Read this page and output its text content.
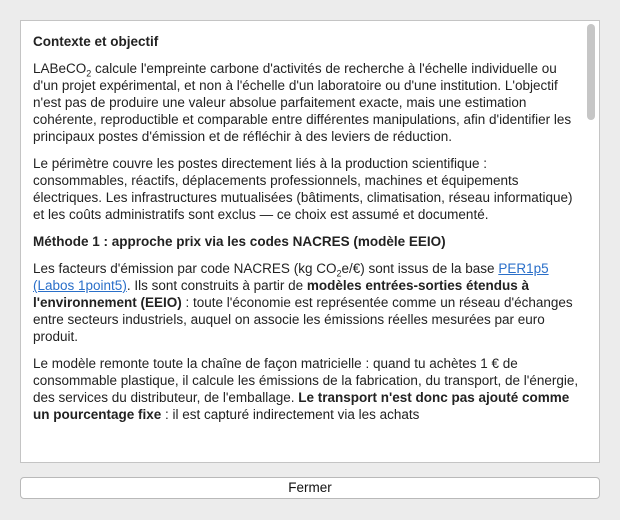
Contexte et objectif

LABeCO$_2$ calcule l'empreinte carbone d'activités de recherche à l'échelle individuelle ou d'un projet expérimental, et non à l'échelle d'un laboratoire ou d'une institution. L'objectif n'est pas de produire une valeur absolue parfaitement exacte, mais une estimation cohérente, reproductible et comparable entre différentes manipulations, afin d'identifier les principaux postes d'émission et de réfléchir à des leviers de réduction.

Le périmètre couvre les postes directement liés à la production scientifique : consommables, réactifs, déplacements professionnels, machines et équipements électriques. Les infrastructures mutualisées (bâtiments, climatisation, réseau informatique) et les coûts administratifs sont exclus — ce choix est assumé et documenté.

Méthode 1 : approche prix via les codes NACRES (modèle EEIO)

Les facteurs d'émission par code NACRES (kg $CO_2e/€$) sont issus de la base PER1p5 (Labos 1point5). Ils sont construits à partir de modèles entrées-sorties étendus à l'environnement (EEIO) : toute l'économie est représentée comme un réseau d'échanges entre secteurs industriels, auquel on associe les émissions réelles mesurées par euro produit.

Le modèle remonte toute la chaîne de façon matricielle : quand tu achètes 1 € de consommable plastique, il calcule les émissions de la fabrication, du transport, de l'énergie, des services du distributeur, de l'emballage. Le transport n'est donc pas ajouté comme un pourcentage fixe : il est capturé indirectement via les achats

Fermer
